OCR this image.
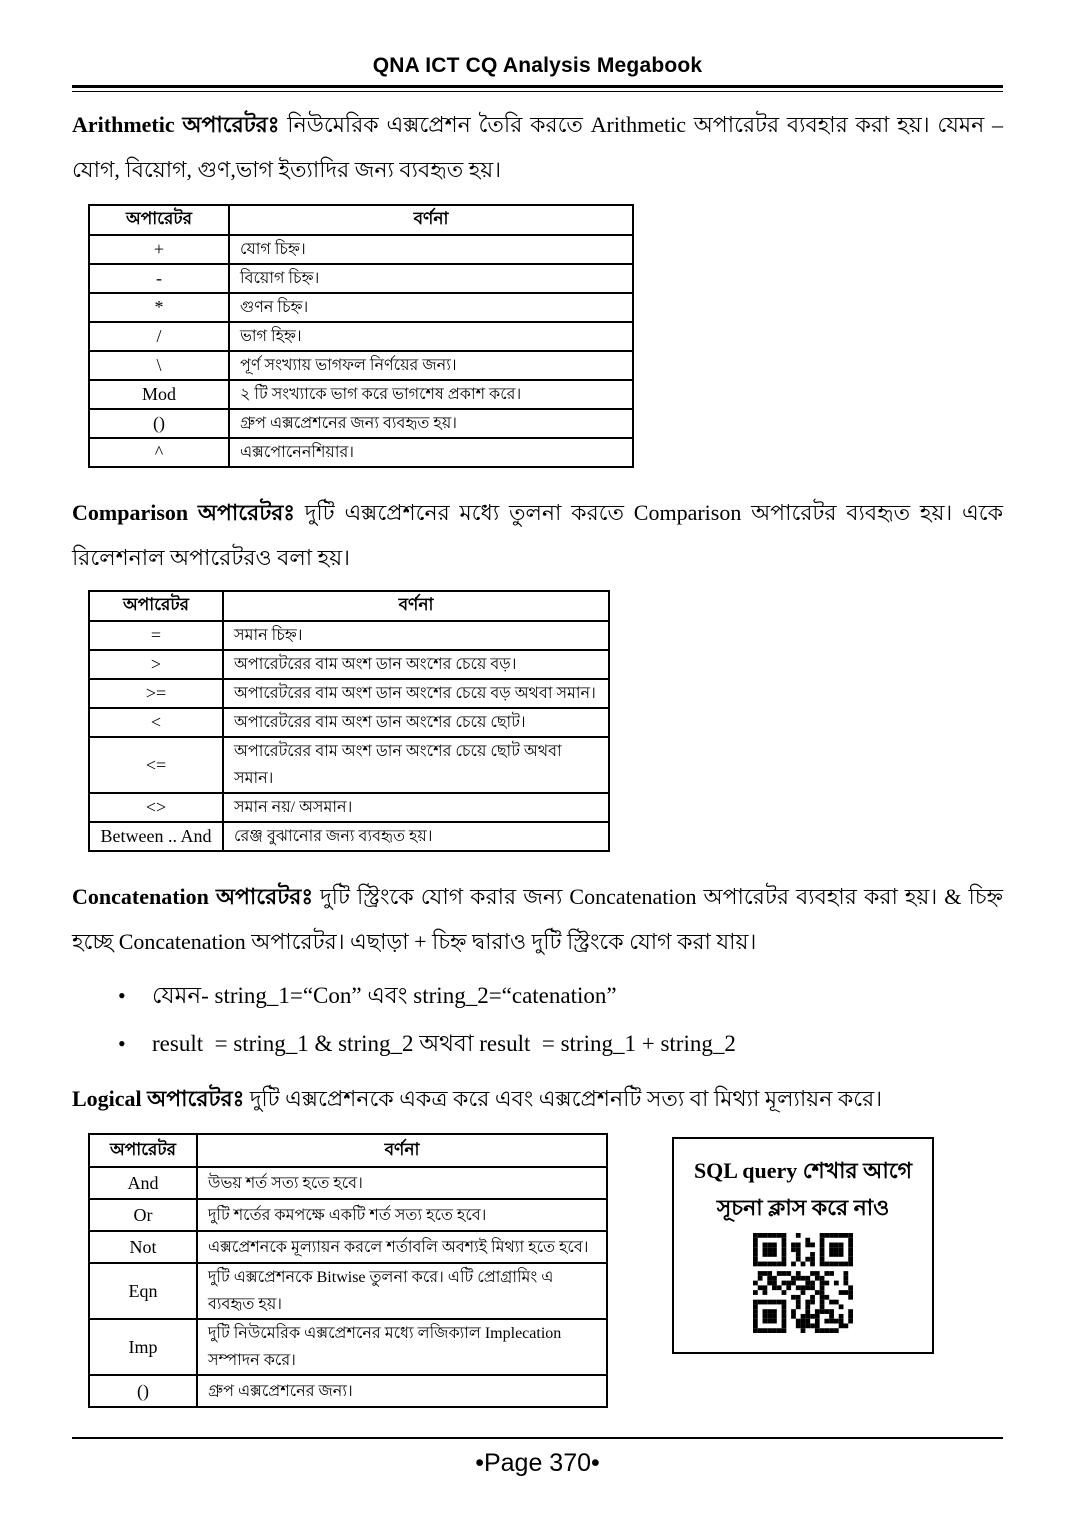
QNA ICT CQ Analysis Megabook

Arithmetic অপারেটরঃ নিউমেরিক এক্সপ্রেশন তৈরি করতে Arithmetic অপারেটর ব্যবহার করা হয়। যেমন – যোগ, বিয়োগ, গুণ,ভাগ ইত্যাদির জন্য ব্যবহৃত হয়।

অপারেটর	বর্ণনা
+	যোগ চিহ্ন।
-	বিয়োগ চিহ্ন।
*	গুণন চিহ্ন।
/	ভাগ হিহ্ন।
\	পূর্ণ সংখ্যায় ভাগফল নির্ণয়ের জন্য।
Mod	২ টি সংখ্যাকে ভাগ করে ভাগশেষ প্রকাশ করে।
()	গ্রুপ এক্সপ্রেশনের জন্য ব্যবহৃত হয়।
^	এক্সপোনেনশিয়ার।

Comparison অপারেটরঃ দুটি এক্সপ্রেশনের মধ্যে তুলনা করতে Comparison অপারেটর ব্যবহৃত হয়। একে রিলেশনাল অপারেটরও বলা হয়।

অপারেটর	বর্ণনা
=	সমান চিহ্ন।
>	অপারেটরের বাম অংশ ডান অংশের চেয়ে বড়।
>=	অপারেটরের বাম অংশ ডান অংশের চেয়ে বড় অথবা সমান।
<	অপারেটরের বাম অংশ ডান অংশের চেয়ে ছোট।
<=	অপারেটরের বাম অংশ ডান অংশের চেয়ে ছোট অথবা সমান।
<>	সমান নয়/ অসমান।
Between .. And	রেঞ্জ বুঝানোর জন্য ব্যবহৃত হয়।

Concatenation অপারেটরঃ দুটি স্ট্রিংকে যোগ করার জন্য Concatenation অপারেটর ব্যবহার করা হয়। & চিহ্ন হচ্ছে Concatenation অপারেটর। এছাড়া + চিহ্ন দ্বারাও দুটি স্ট্রিংকে যোগ করা যায়।

• যেমন- string_1=“Con” এবং string_2=“catenation”
• result  = string_1 & string_2 অথবা result  = string_1 + string_2

Logical অপারেটরঃ দুটি এক্সপ্রেশনকে একত্র করে এবং এক্সপ্রেশনটি সত্য বা মিথ্যা মূল্যায়ন করে।

অপারেটর	বর্ণনা
And	উভয় শর্ত সত্য হতে হবে।
Or	দুটি শর্তের কমপক্ষে একটি শর্ত সত্য হতে হবে।
Not	এক্সপ্রেশনকে মূল্যায়ন করলে শর্তাবলি অবশ্যই মিথ্যা হতে হবে।
Eqn	দুটি এক্সপ্রেশনকে Bitwise তুলনা করে। এটি প্রোগ্রামিং এ ব্যবহৃত হয়।
Imp	দুটি নিউমেরিক এক্সপ্রেশনের মধ্যে লজিক্যাল Implecation সম্পাদন করে।
()	গ্রুপ এক্সপ্রেশনের জন্য।
SQL query শেখার আগে
সূচনা ক্লাস করে নাও
•Page 370•
